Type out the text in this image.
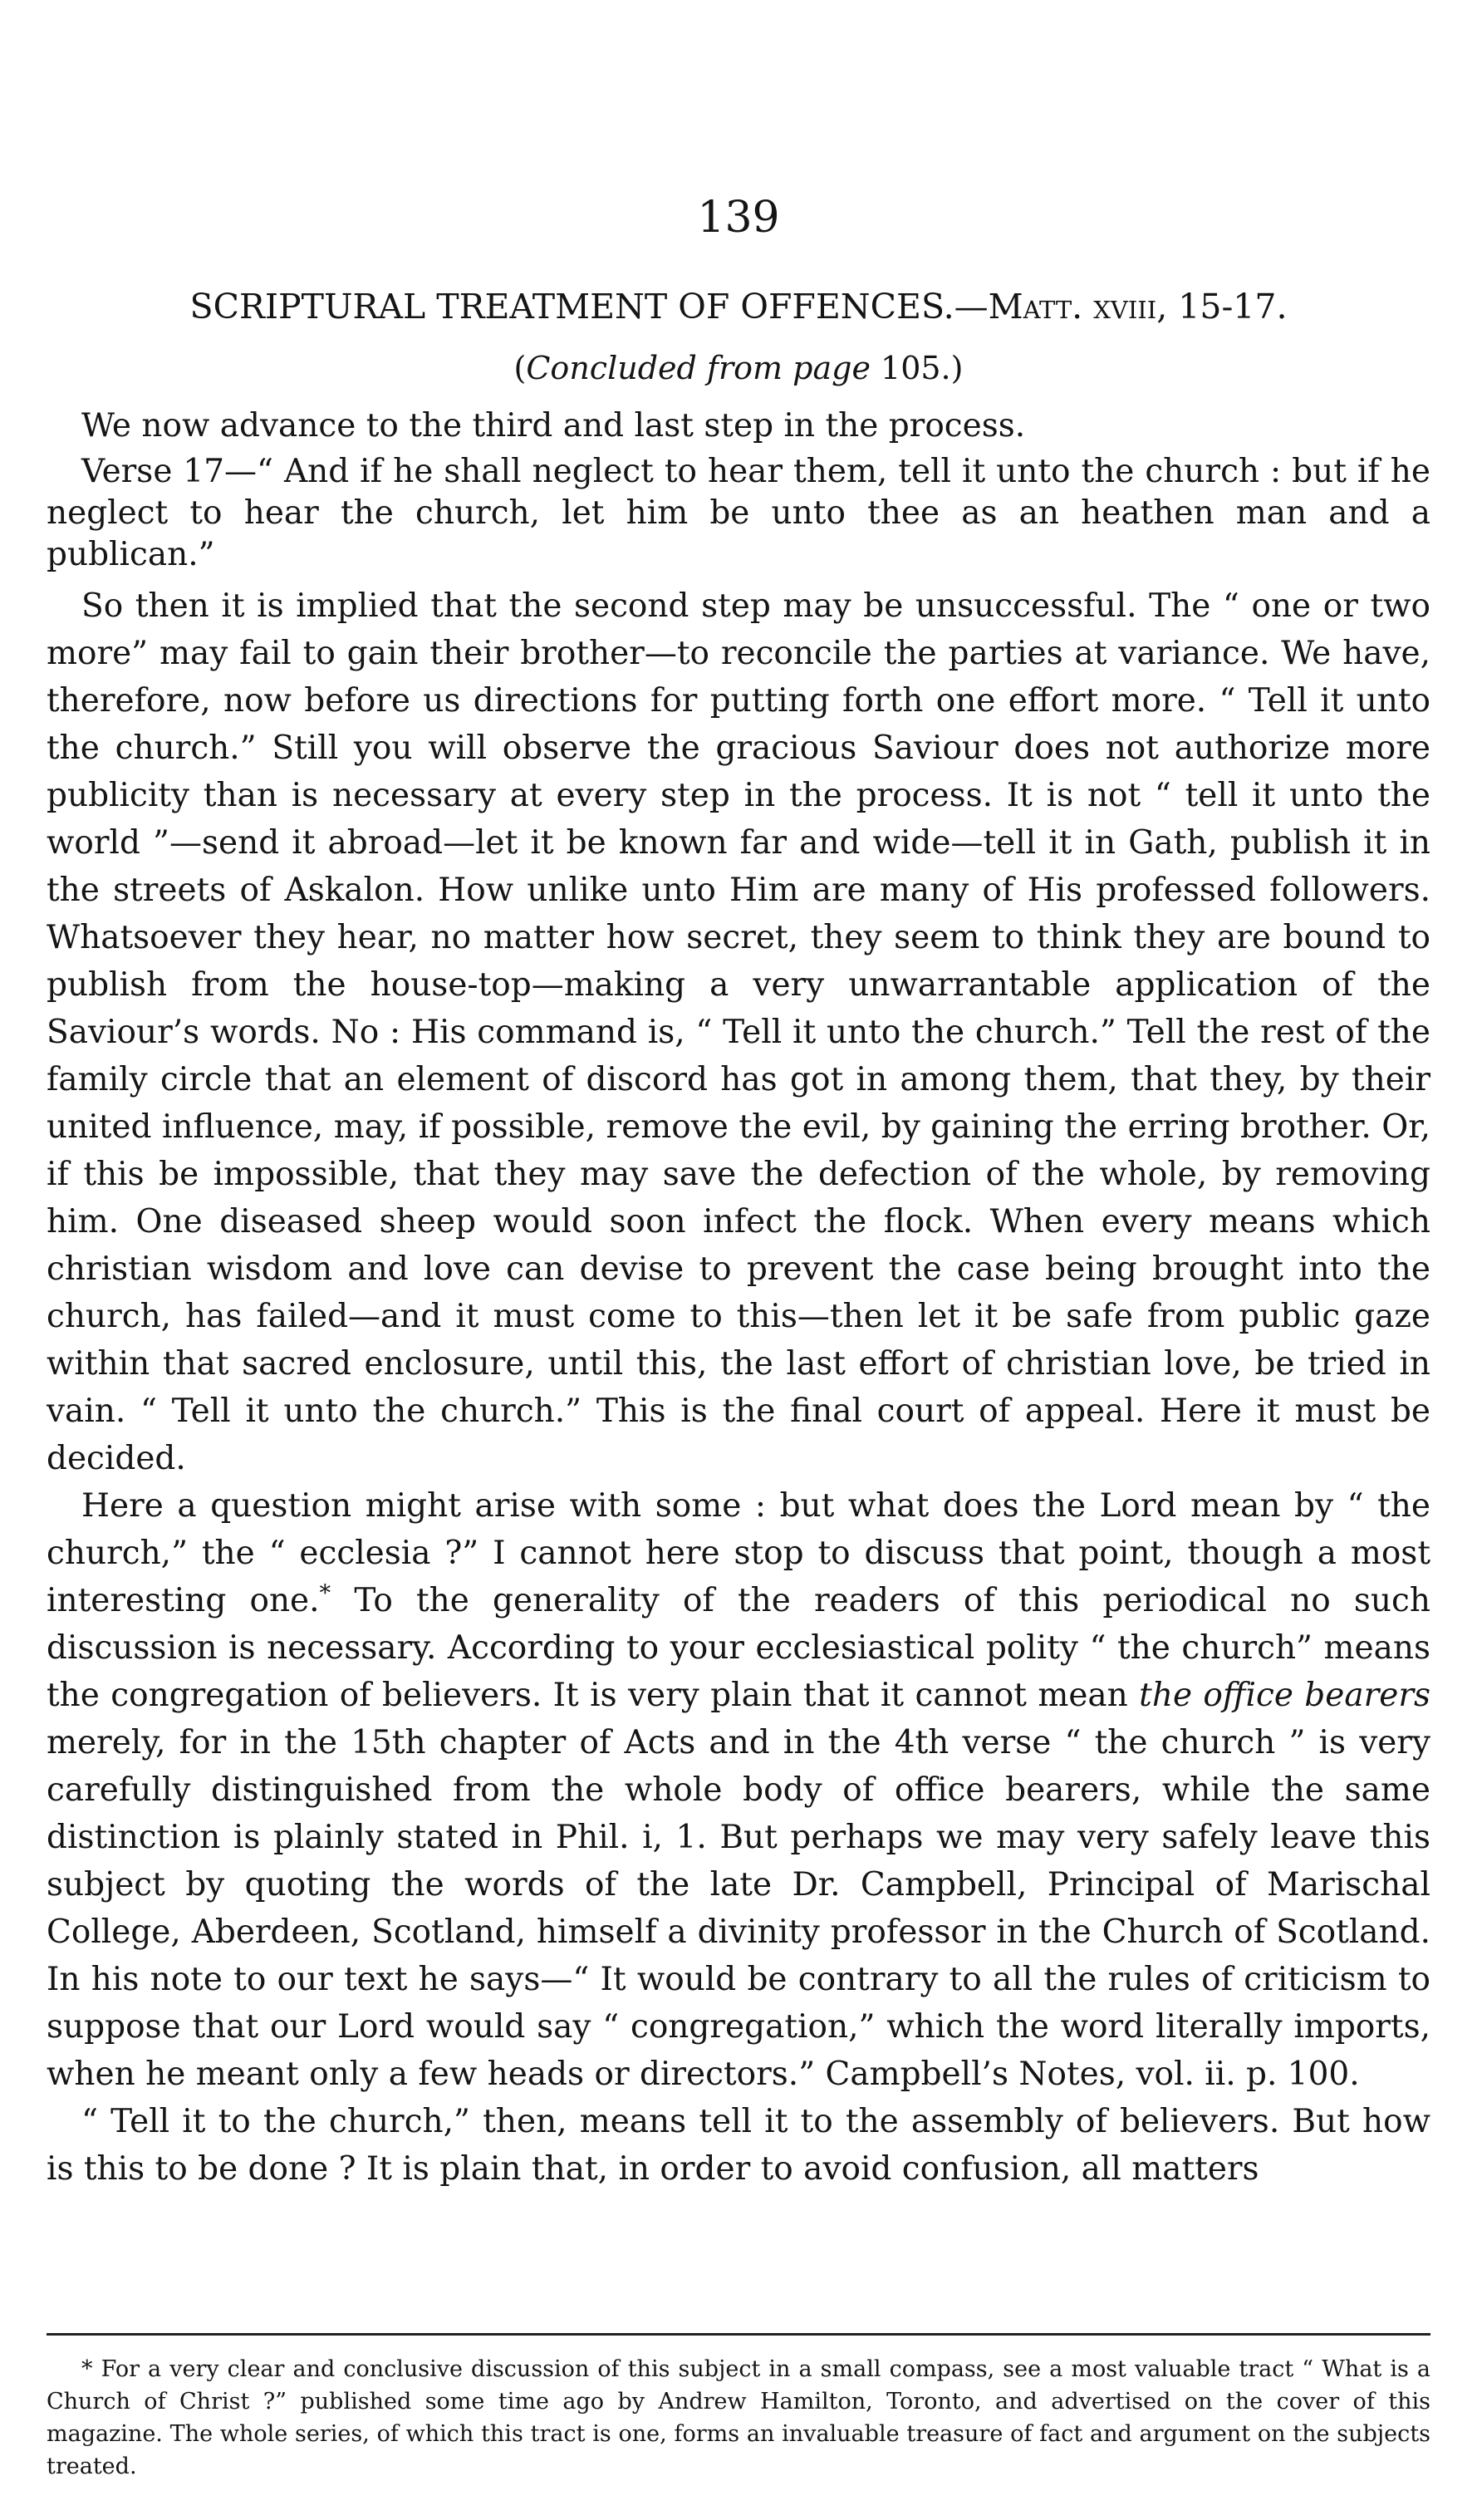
139
SCRIPTURAL TREATMENT OF OFFENCES.—Matt. xviii, 15-17.
(Concluded from page 105.)

We now advance to the third and last step in the process.

Verse 17—“ And if he shall neglect to hear them, tell it unto the church : but if he neglect to hear the church, let him be unto thee as an heathen man and a publican.”

So then it is implied that the second step may be unsuccessful. The “ one or two more” may fail to gain their brother—to reconcile the parties at variance. We have, therefore, now before us directions for putting forth one effort more. “ Tell it unto the church.” Still you will observe the gracious Saviour does not authorize more publicity than is necessary at every step in the process. It is not “ tell it unto the world ”—send it abroad—let it be known far and wide—tell it in Gath, publish it in the streets of Askalon. How unlike unto Him are many of His professed followers. Whatsoever they hear, no matter how secret, they seem to think they are bound to publish from the house-top—making a very unwarrantable application of the Saviour’s words. No : His command is, “ Tell it unto the church.” Tell the rest of the family circle that an element of discord has got in among them, that they, by their united influence, may, if possible, remove the evil, by gaining the erring brother. Or, if this be impossible, that they may save the defection of the whole, by removing him. One diseased sheep would soon infect the flock. When every means which christian wisdom and love can devise to prevent the case being brought into the church, has failed—and it must come to this—then let it be safe from public gaze within that sacred enclosure, until this, the last effort of christian love, be tried in vain. “ Tell it unto the church.” This is the final court of appeal. Here it must be decided.

Here a question might arise with some : but what does the Lord mean by “ the church,” the “ ecclesia ?” I cannot here stop to discuss that point, though a most interesting one.* To the generality of the readers of this periodical no such discussion is necessary. According to your ecclesiastical polity “ the church” means the congregation of believers. It is very plain that it cannot mean the office bearers merely, for in the 15th chapter of Acts and in the 4th verse “ the church ” is very carefully distinguished from the whole body of office bearers, while the same distinction is plainly stated in Phil. i, 1. But perhaps we may very safely leave this subject by quoting the words of the late Dr. Campbell, Principal of Marischal College, Aberdeen, Scotland, himself a divinity professor in the Church of Scotland. In his note to our text he says—“ It would be contrary to all the rules of criticism to suppose that our Lord would say “ congregation,” which the word literally imports, when he meant only a few heads or directors.” Campbell’s Notes, vol. ii. p. 100.

“ Tell it to the church,” then, means tell it to the assembly of believers. But how is this to be done ? It is plain that, in order to avoid confusion, all matters

* For a very clear and conclusive discussion of this subject in a small compass, see a most valuable tract “ What is a Church of Christ ?” published some time ago by Andrew Hamilton, Toronto, and advertised on the cover of this magazine. The whole series, of which this tract is one, forms an invaluable treasure of fact and argument on the subjects treated.
